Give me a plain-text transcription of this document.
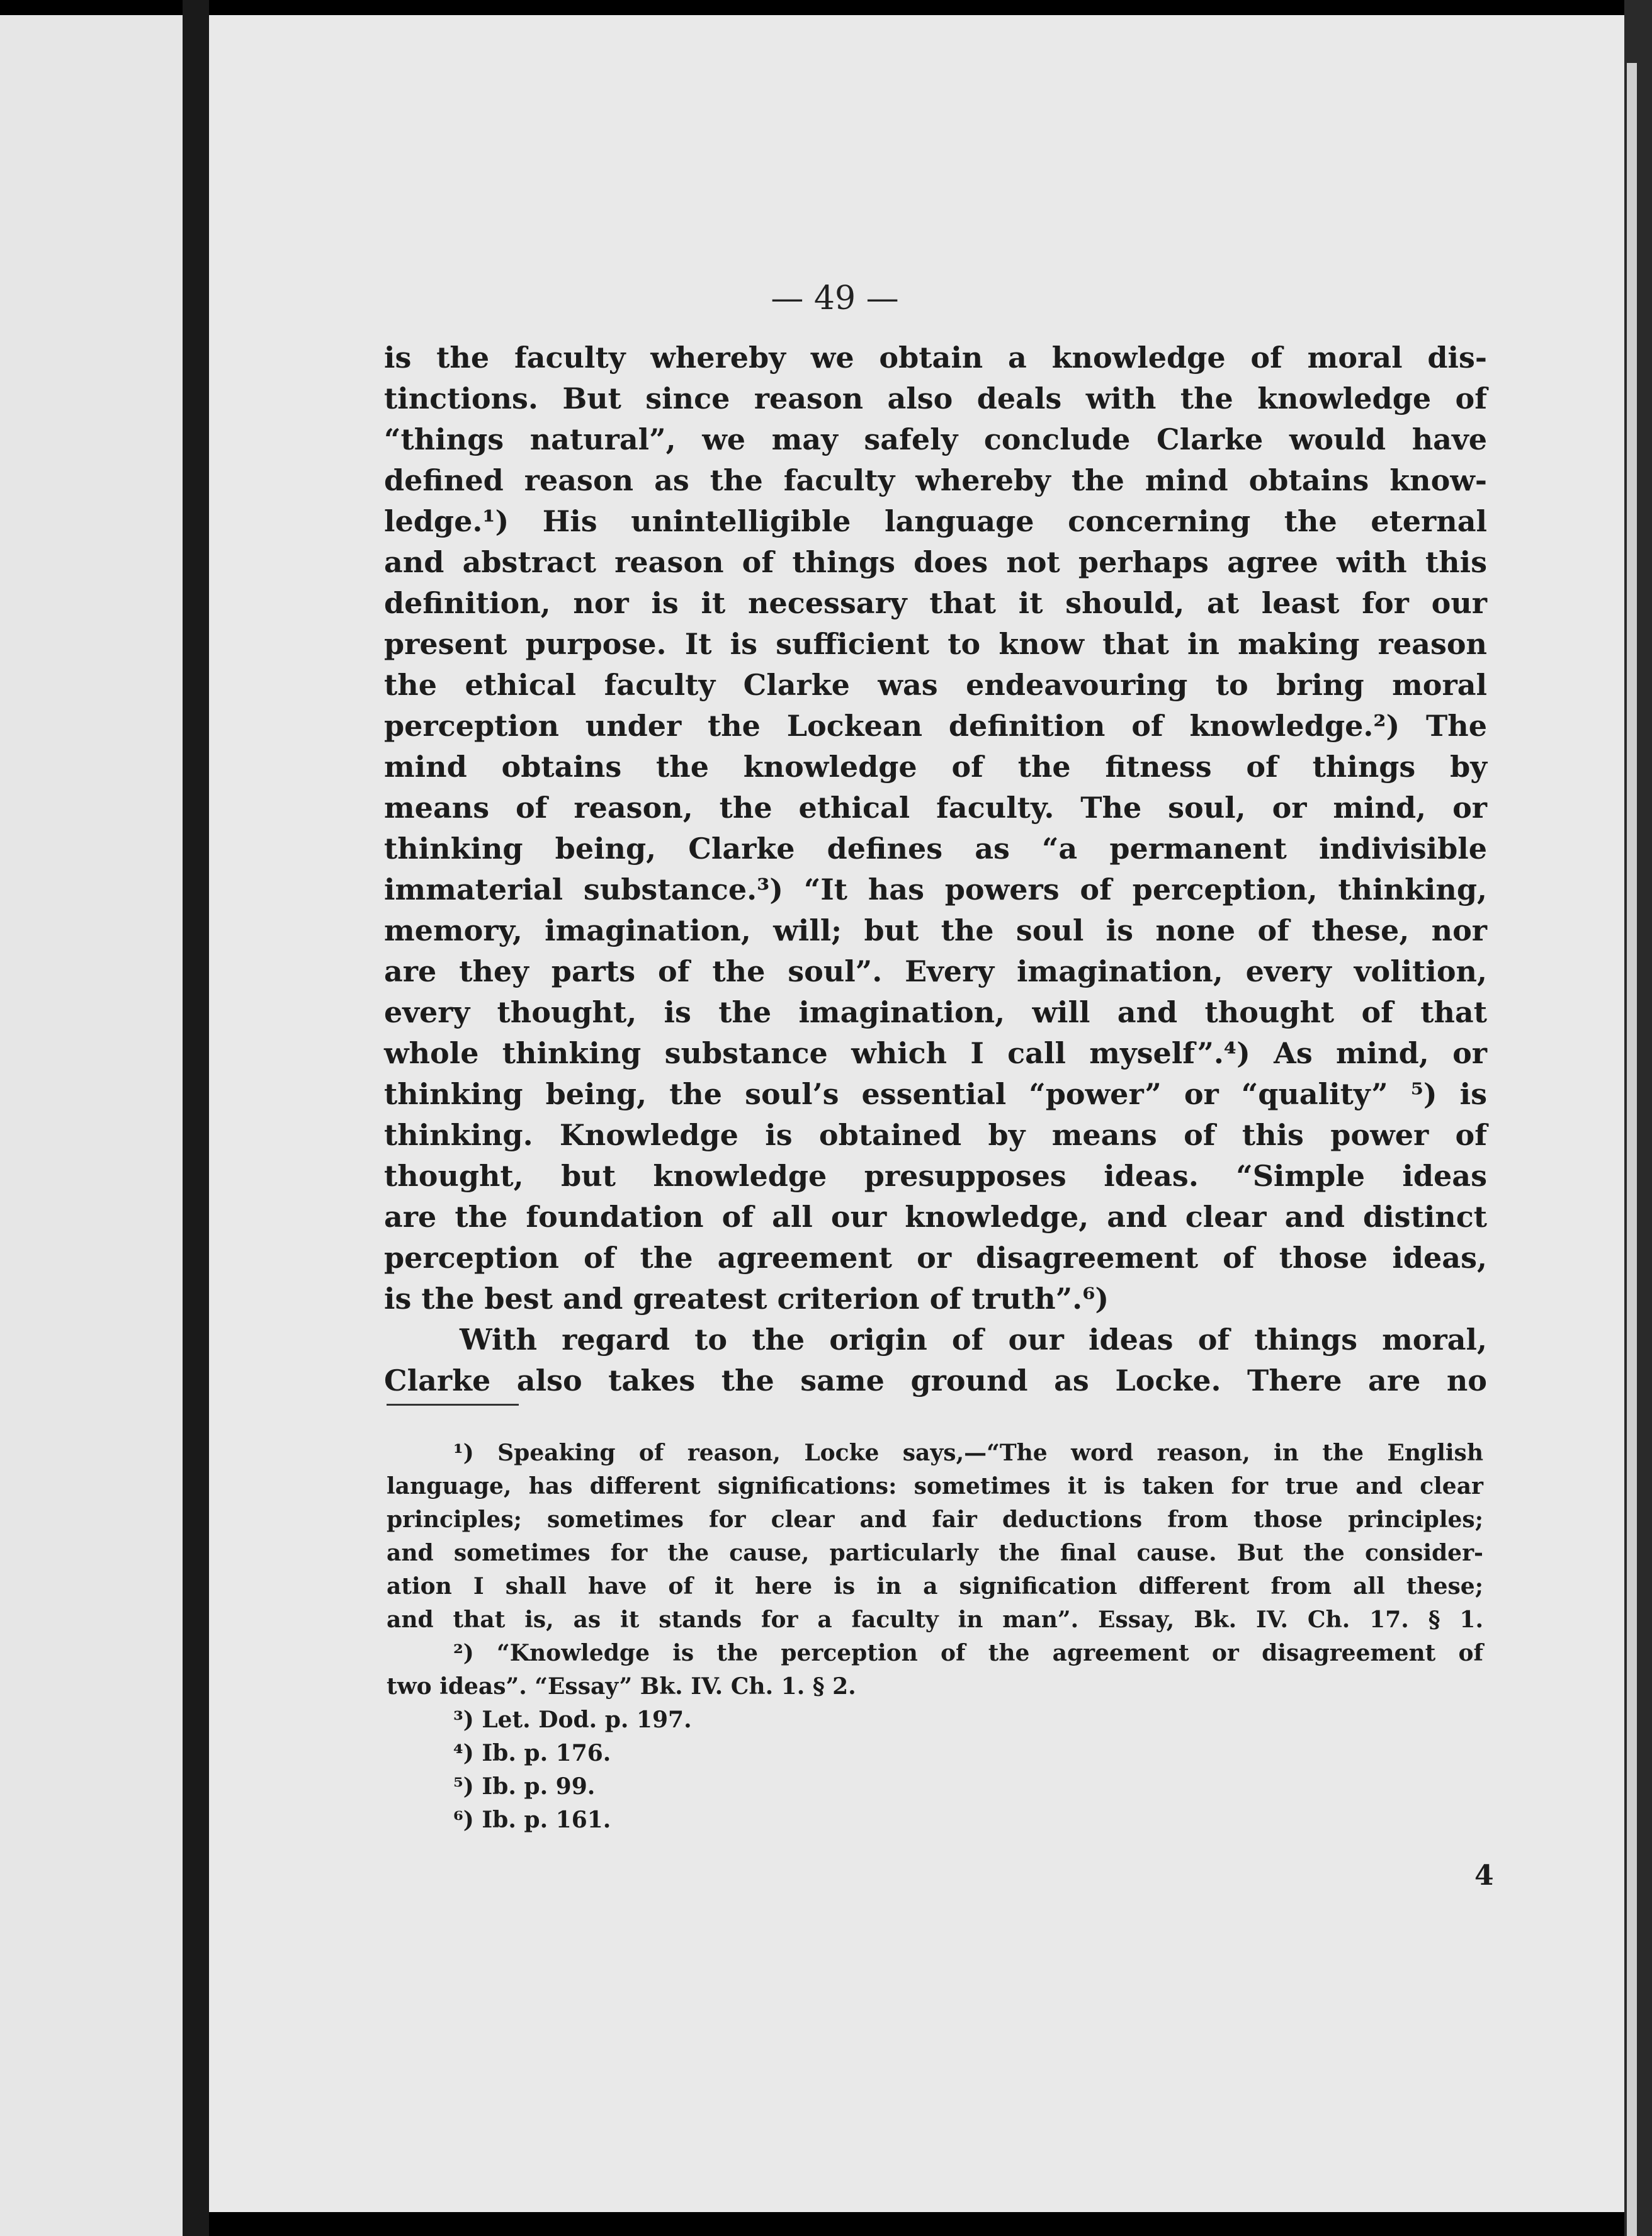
— 49 —

is the faculty whereby we obtain a knowledge of moral dis-

tinctions. But since reason also deals with the knowledge of

“things natural”, we may safely conclude Clarke would have

defined reason as the faculty whereby the mind obtains know-

ledge.¹) His unintelligible language concerning the eternal

and abstract reason of things does not perhaps agree with this

definition, nor is it necessary that it should, at least for our

present purpose. It is sufficient to know that in making reason

the ethical faculty Clarke was endeavouring to bring moral

perception under the Lockean definition of knowledge.²) The

mind obtains the knowledge of the fitness of things by

means of reason, the ethical faculty. The soul, or mind, or

thinking being, Clarke defines as “a permanent indivisible

immaterial substance.³) “It has powers of perception, thinking,

memory, imagination, will; but the soul is none of these, nor

are they parts of the soul”. Every imagination, every volition,

every thought, is the imagination, will and thought of that

whole thinking substance which I call myself”.⁴) As mind, or

thinking being, the soul’s essential “power” or “quality” ⁵) is

thinking. Knowledge is obtained by means of this power of

thought, but knowledge presupposes ideas. “Simple ideas

are the foundation of all our knowledge, and clear and distinct

perception of the agreement or disagreement of those ideas,

is the best and greatest criterion of truth”.⁶)

With regard to the origin of our ideas of things moral,

Clarke also takes the same ground as Locke. There are no

¹) Speaking of reason, Locke says,—“The word reason, in the English

language, has different significations: sometimes it is taken for true and clear

principles; sometimes for clear and fair deductions from those principles;

and sometimes for the cause, particularly the final cause. But the consider-

ation I shall have of it here is in a signification different from all these;

and that is, as it stands for a faculty in man”. Essay, Bk. IV. Ch. 17. § 1.

²) “Knowledge is the perception of the agreement or disagreement of

two ideas”. “Essay” Bk. IV. Ch. 1. § 2.

³) Let. Dod. p. 197.

⁴) Ib. p. 176.

⁵) Ib. p. 99.

⁶) Ib. p. 161.

4
